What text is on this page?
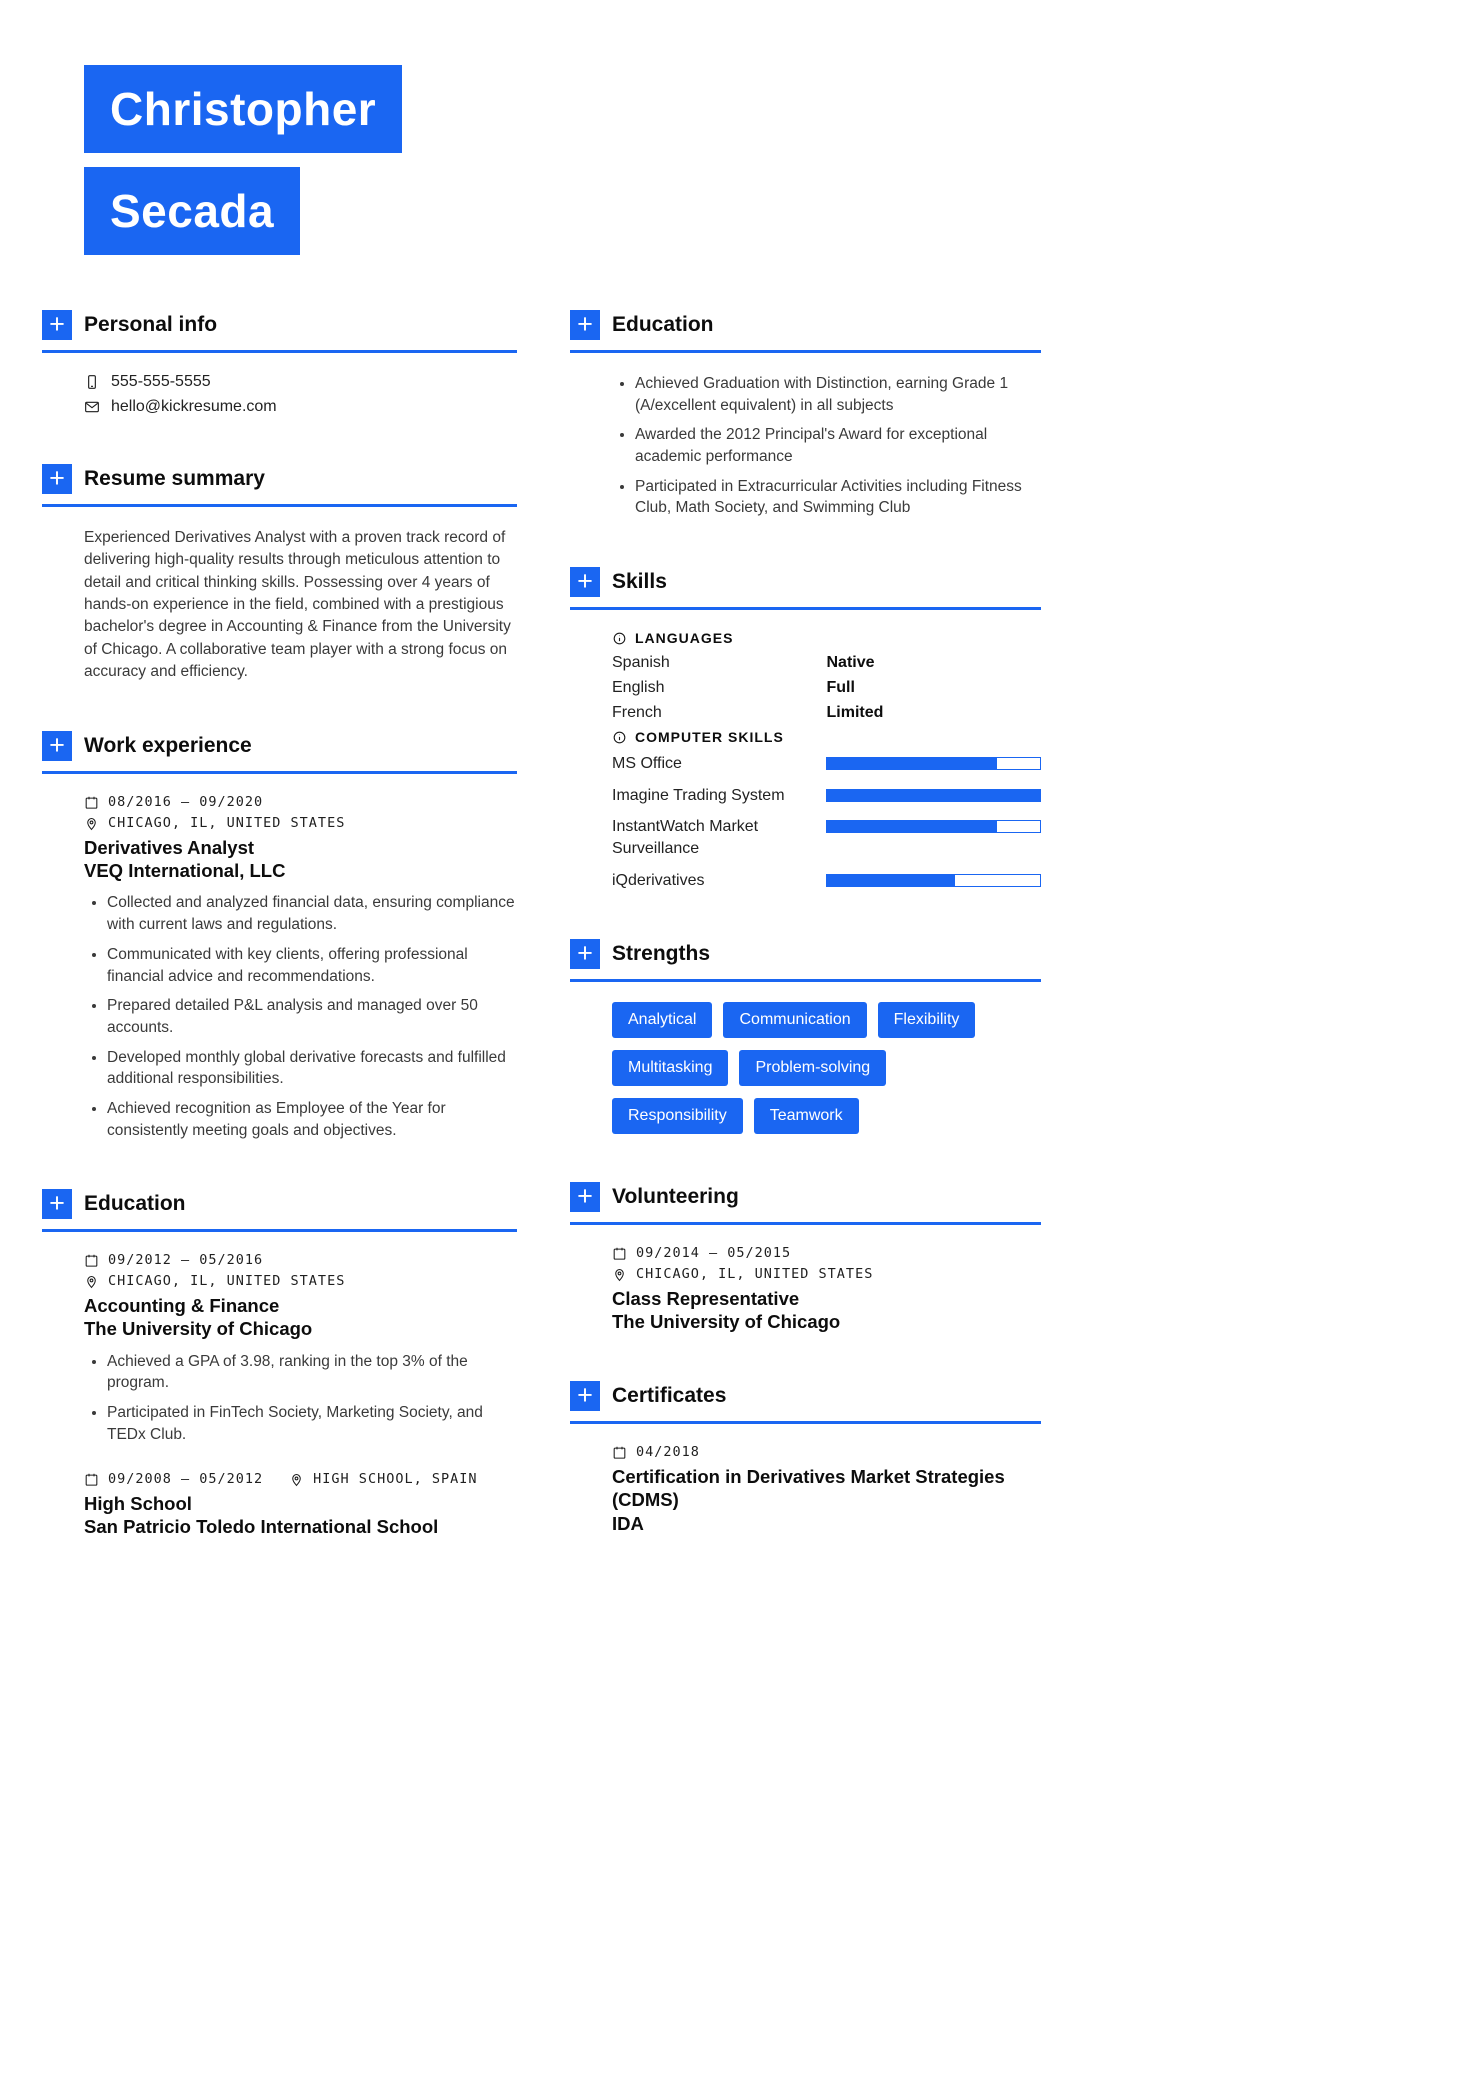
Christopher
Secada
+ Personal info
555-555-5555
hello@kickresume.com
+ Resume summary

Experienced Derivatives Analyst with a proven track record of delivering high-quality results through meticulous attention to detail and critical thinking skills. Possessing over 4 years of hands-on experience in the field, combined with a prestigious bachelor's degree in Accounting & Finance from the University of Chicago. A collaborative team player with a strong focus on accuracy and efficiency.

+ Work experience
08/2016 – 09/2020
CHICAGO, IL, UNITED STATES
Derivatives Analyst
VEQ International, LLC
• Collected and analyzed financial data, ensuring compliance with current laws and regulations.
• Communicated with key clients, offering professional financial advice and recommendations.
• Prepared detailed P&L analysis and managed over 50 accounts.
• Developed monthly global derivative forecasts and fulfilled additional responsibilities.
• Achieved recognition as Employee of the Year for consistently meeting goals and objectives.
+ Education
09/2012 – 05/2016
CHICAGO, IL, UNITED STATES
Accounting & Finance
The University of Chicago
• Achieved a GPA of 3.98, ranking in the top 3% of the program.
• Participated in FinTech Society, Marketing Society, and TEDx Club.
09/2008 – 05/2012	HIGH SCHOOL, SPAIN
High School
San Patricio Toledo International School
+ Education
• Achieved Graduation with Distinction, earning Grade 1 (A/excellent equivalent) in all subjects
• Awarded the 2012 Principal's Award for exceptional academic performance
• Participated in Extracurricular Activities including Fitness Club, Math Society, and Swimming Club
+ Skills
LANGUAGES
Spanish	Native
English	Full
French	Limited
COMPUTER SKILLS
MS Office
Imagine Trading System
InstantWatch Market Surveillance
iQderivatives
+ Strengths
Analytical	Communication	Flexibility
Multitasking	Problem-solving
Responsibility	Teamwork
+ Volunteering
09/2014 – 05/2015
CHICAGO, IL, UNITED STATES
Class Representative
The University of Chicago
+ Certificates
04/2018
Certification in Derivatives Market Strategies (CDMS)
IDA
